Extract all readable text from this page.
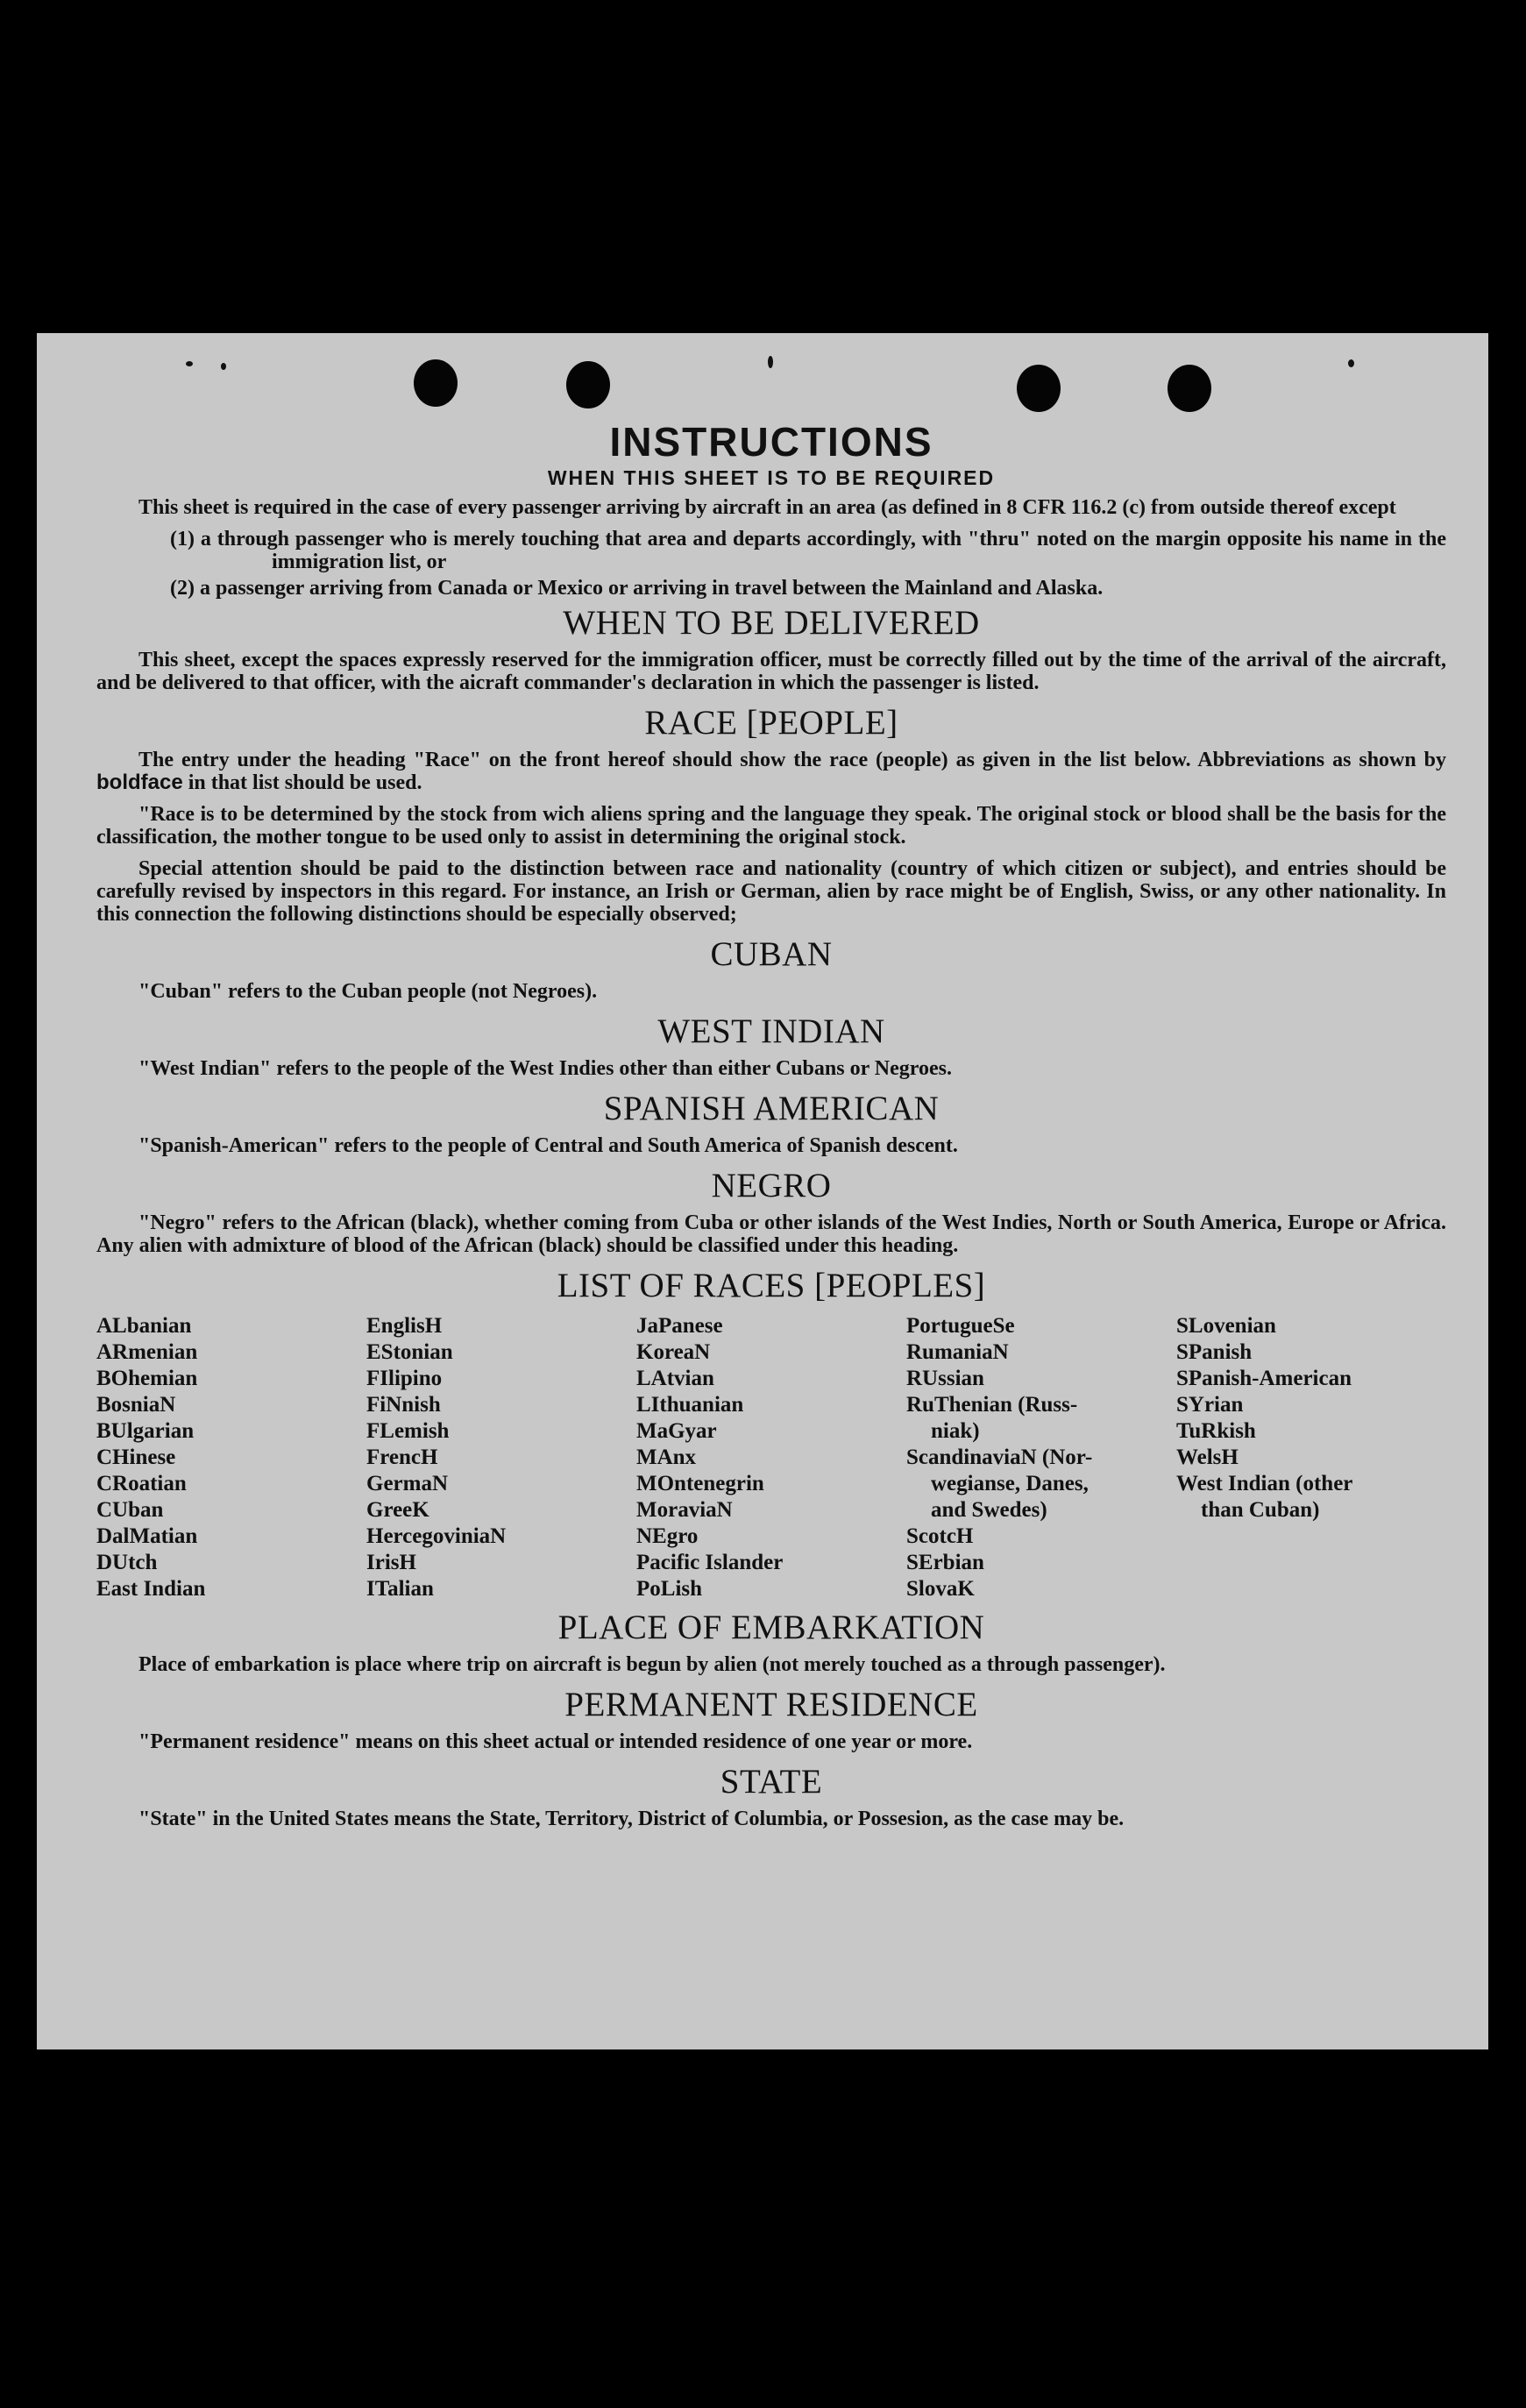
INSTRUCTIONS
WHEN THIS SHEET IS TO BE REQUIRED

This sheet is required in the case of every passenger arriving by aircraft in an area (as defined in 8 CFR 116.2 (c) from outside thereof except

(1) a through passenger who is merely touching that area and departs accordingly, with "thru" noted on the margin opposite his name in the immigration list, or

(2) a passenger arriving from Canada or Mexico or arriving in travel between the Mainland and Alaska.

WHEN TO BE DELIVERED

This sheet, except the spaces expressly reserved for the immigration officer, must be correctly filled out by the time of the arrival of the aircraft, and be delivered to that officer, with the aicraft commander's declaration in which the passenger is listed.

RACE [PEOPLE]

The entry under the heading "Race" on the front hereof should show the race (people) as given in the list below. Abbreviations as shown by boldface in that list should be used.

"Race is to be determined by the stock from wich aliens spring and the language they speak. The original stock or blood shall be the basis for the classification, the mother tongue to be used only to assist in determining the original stock.

Special attention should be paid to the distinction between race and nationality (country of which citizen or subject), and entries should be carefully revised by inspectors in this regard. For instance, an Irish or German, alien by race might be of English, Swiss, or any other nationality. In this connection the following distinctions should be especially observed;

CUBAN

"Cuban" refers to the Cuban people (not Negroes).

WEST INDIAN

"West Indian" refers to the people of the West Indies other than either Cubans or Negroes.

SPANISH AMERICAN

"Spanish-American" refers to the people of Central and South America of Spanish descent.

NEGRO

"Negro" refers to the African (black), whether coming from Cuba or other islands of the West Indies, North or South America, Europe or Africa. Any alien with admixture of blood of the African (black) should be classified under this heading.

LIST OF RACES [PEOPLES]
ALbanian
ARmenian
BOhemian
BosniaN
BUlgarian
CHinese
CRoatian
CUban
DalMatian
DUtch
East Indian
EnglisH
EStonian
FIlipino
FiNnish
FLemish
FrencH
GermaN
GreeK
HercegoviniaN
IrisH
ITalian
JaPanese
KoreaN
LAtvian
LIthuanian
MaGyar
MAnx
MOntenegrin
MoraviaN
NEgro
Pacific Islander
PoLish
PortugueSe
RumaniaN
RUssian
RuThenian (Russ-
niak)
ScandinaviaN (Nor-
wegianse, Danes,
and Swedes)
ScotcH
SErbian
SlovaK
SLovenian
SPanish
SPanish-American
SYrian
TuRkish
WelsH
West Indian (other
than Cuban)
PLACE OF EMBARKATION

Place of embarkation is place where trip on aircraft is begun by alien (not merely touched as a through passenger).

PERMANENT RESIDENCE

"Permanent residence" means on this sheet actual or intended residence of one year or more.

STATE

"State" in the United States means the State, Territory, District of Columbia, or Possesion, as the case may be.
